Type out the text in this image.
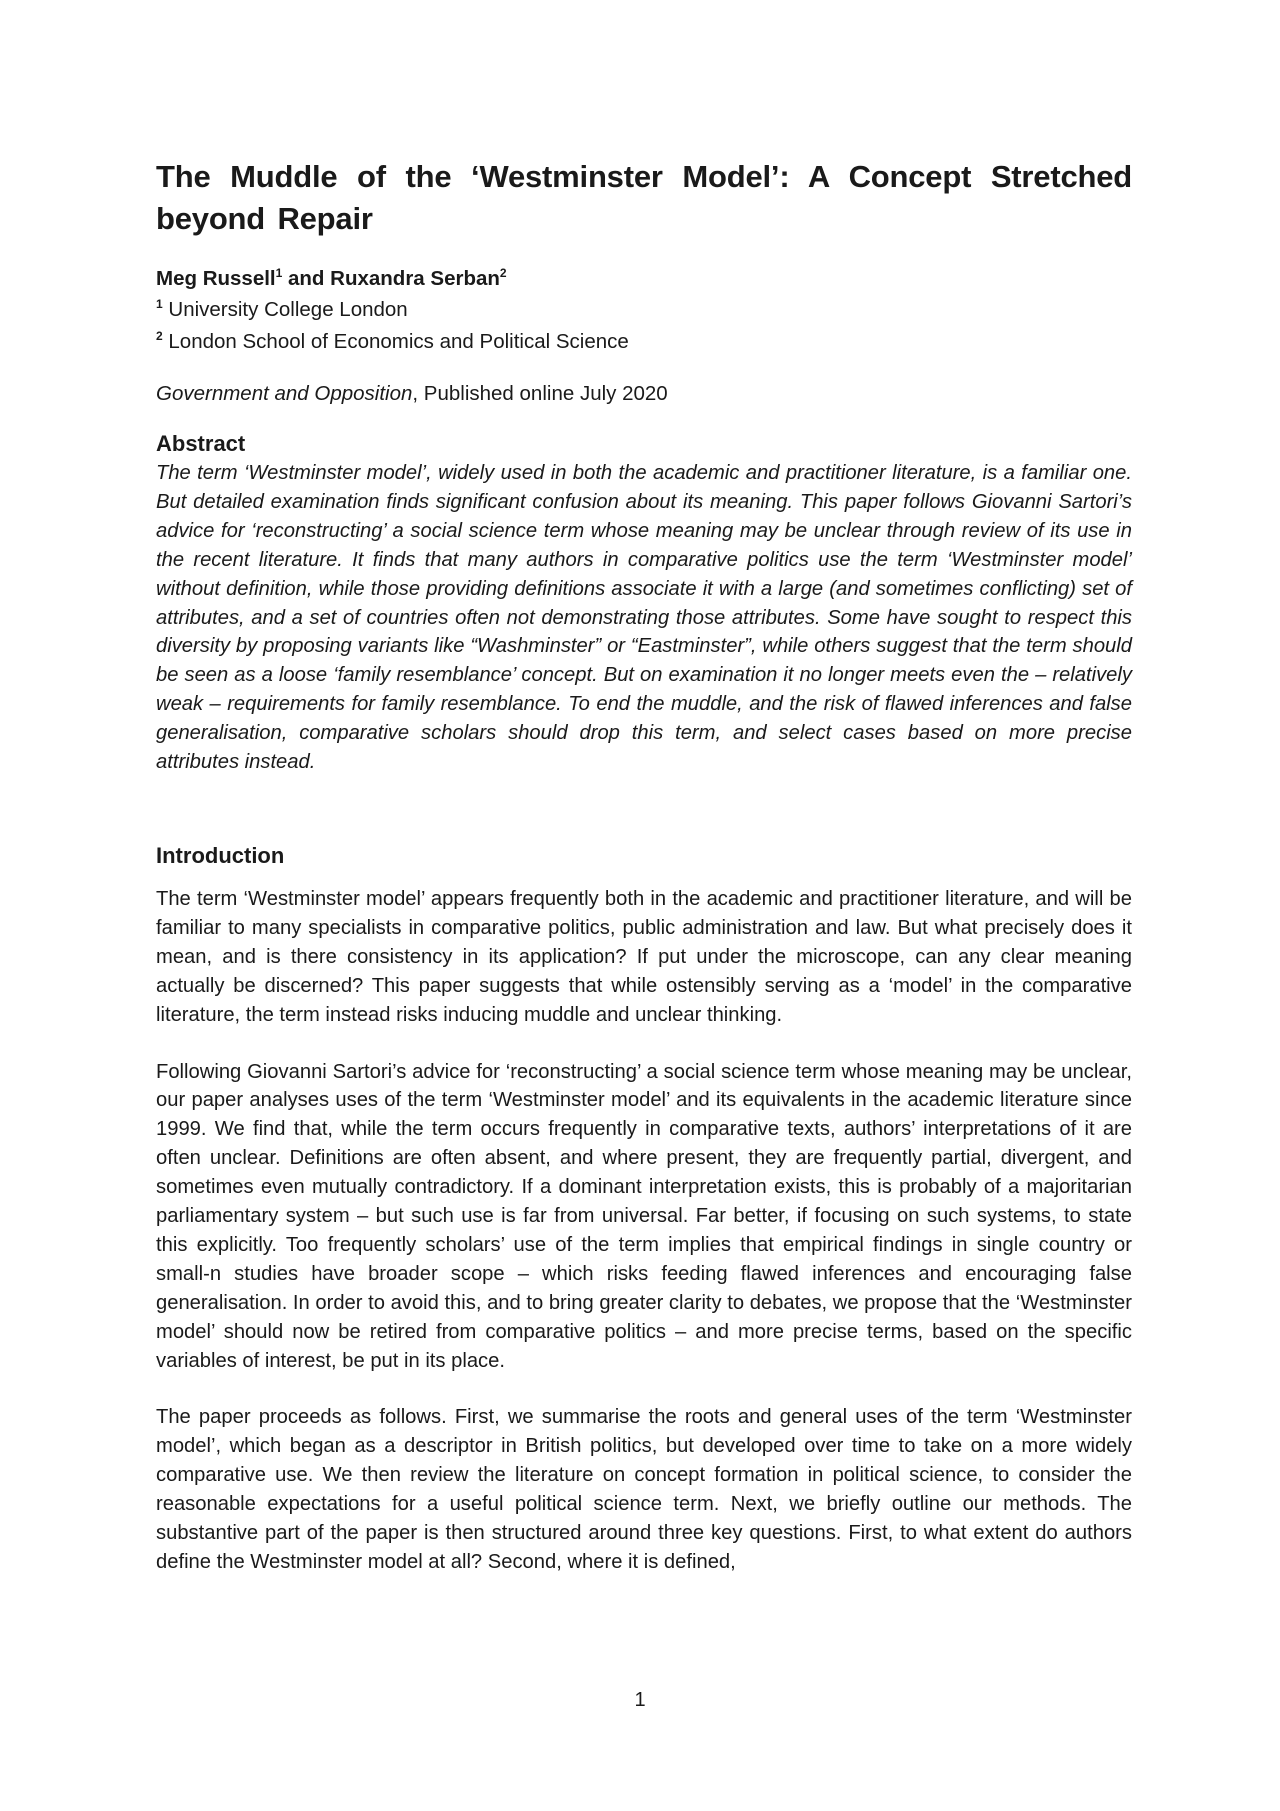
The Muddle of the ‘Westminster Model’: A Concept Stretched beyond Repair
Meg Russell$^1$ and Ruxandra Serban$^2$
$^1$ University College London
$^2$ London School of Economics and Political Science
Government and Opposition, Published online July 2020
Abstract

The term ‘Westminster model’, widely used in both the academic and practitioner literature, is a familiar one. But detailed examination finds significant confusion about its meaning. This paper follows Giovanni Sartori’s advice for ‘reconstructing’ a social science term whose meaning may be unclear through review of its use in the recent literature. It finds that many authors in comparative politics use the term ‘Westminster model’ without definition, while those providing definitions associate it with a large (and sometimes conflicting) set of attributes, and a set of countries often not demonstrating those attributes. Some have sought to respect this diversity by proposing variants like “Washminster” or “Eastminster”, while others suggest that the term should be seen as a loose ‘family resemblance’ concept. But on examination it no longer meets even the – relatively weak – requirements for family resemblance. To end the muddle, and the risk of flawed inferences and false generalisation, comparative scholars should drop this term, and select cases based on more precise attributes instead.

Introduction

The term ‘Westminster model’ appears frequently both in the academic and practitioner literature, and will be familiar to many specialists in comparative politics, public administration and law. But what precisely does it mean, and is there consistency in its application? If put under the microscope, can any clear meaning actually be discerned? This paper suggests that while ostensibly serving as a ‘model’ in the comparative literature, the term instead risks inducing muddle and unclear thinking.

Following Giovanni Sartori’s advice for ‘reconstructing’ a social science term whose meaning may be unclear, our paper analyses uses of the term ‘Westminster model’ and its equivalents in the academic literature since 1999. We find that, while the term occurs frequently in comparative texts, authors’ interpretations of it are often unclear. Definitions are often absent, and where present, they are frequently partial, divergent, and sometimes even mutually contradictory. If a dominant interpretation exists, this is probably of a majoritarian parliamentary system – but such use is far from universal. Far better, if focusing on such systems, to state this explicitly. Too frequently scholars’ use of the term implies that empirical findings in single country or small-n studies have broader scope – which risks feeding flawed inferences and encouraging false generalisation. In order to avoid this, and to bring greater clarity to debates, we propose that the ‘Westminster model’ should now be retired from comparative politics – and more precise terms, based on the specific variables of interest, be put in its place.

The paper proceeds as follows. First, we summarise the roots and general uses of the term ‘Westminster model’, which began as a descriptor in British politics, but developed over time to take on a more widely comparative use. We then review the literature on concept formation in political science, to consider the reasonable expectations for a useful political science term. Next, we briefly outline our methods. The substantive part of the paper is then structured around three key questions. First, to what extent do authors define the Westminster model at all? Second, where it is defined,

1
